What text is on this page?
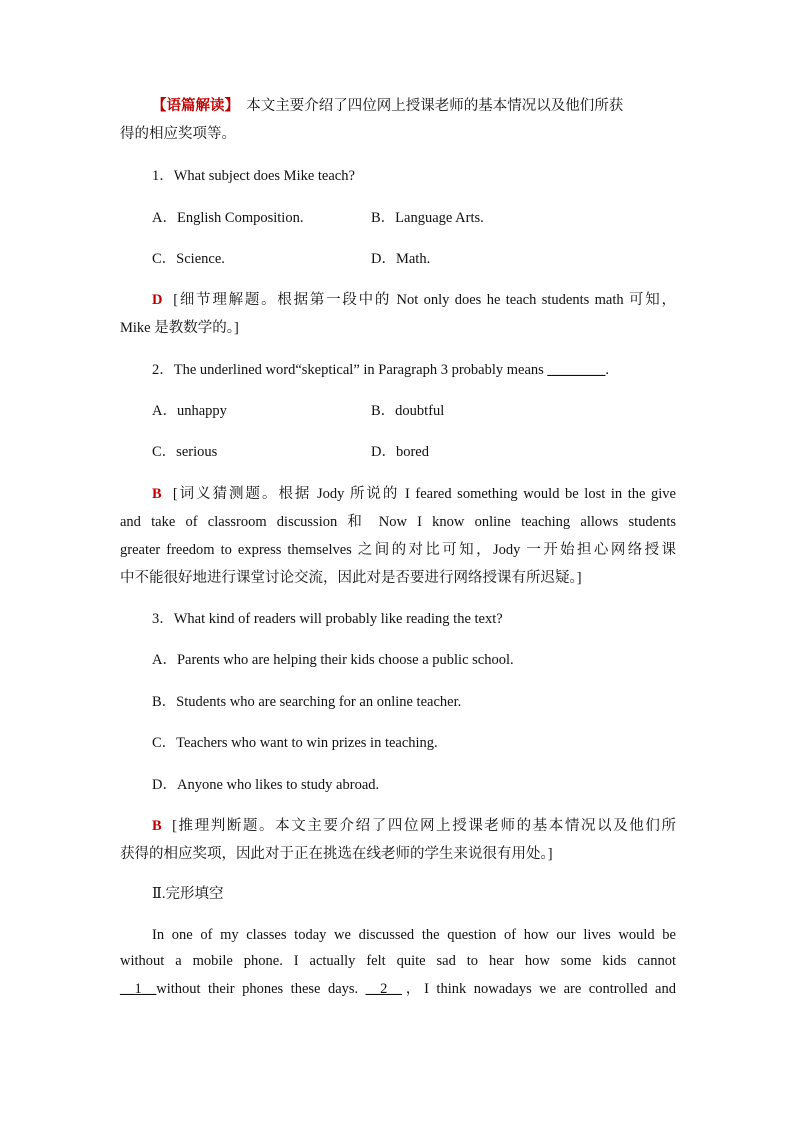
【语篇解读】 本文主要介绍了四位网上授课老师的基本情况以及他们所获
得的相应奖项等。
1．What subject does Mike teach?
A．English Composition.	B．Language Arts.
C．Science.	D．Math.
D [细节理解题。根据第一段中的 Not only does he teach students math 可知，
Mike 是教数学的。]
2．The underlined word“skeptical” in Paragraph 3 probably means ________.
A．unhappy	B．doubtful
C．serious	D．bored
B [词义猜测题。根据 Jody 所说的 I feared something would be lost in the give
and take of classroom discussion 和 Now I know online teaching allows students
greater freedom to express themselves 之间的对比可知，Jody 一开始担心网络授课
中不能很好地进行课堂讨论交流，因此对是否要进行网络授课有所迟疑。]
3．What kind of readers will probably like reading the text?
A．Parents who are helping their kids choose a public school.
B．Students who are searching for an online teacher.
C．Teachers who want to win prizes in teaching.
D．Anyone who likes to study abroad.
B [推理判断题。本文主要介绍了四位网上授课老师的基本情况以及他们所
获得的相应奖项，因此对于正在挑选在线老师的学生来说很有用处。]
Ⅱ.完形填空
In one of my classes today we discussed the question of how our lives would be
without a mobile phone. I actually felt quite sad to hear how some kids cannot
__1__without their phones these days. __2__，I think nowadays we are controlled and
